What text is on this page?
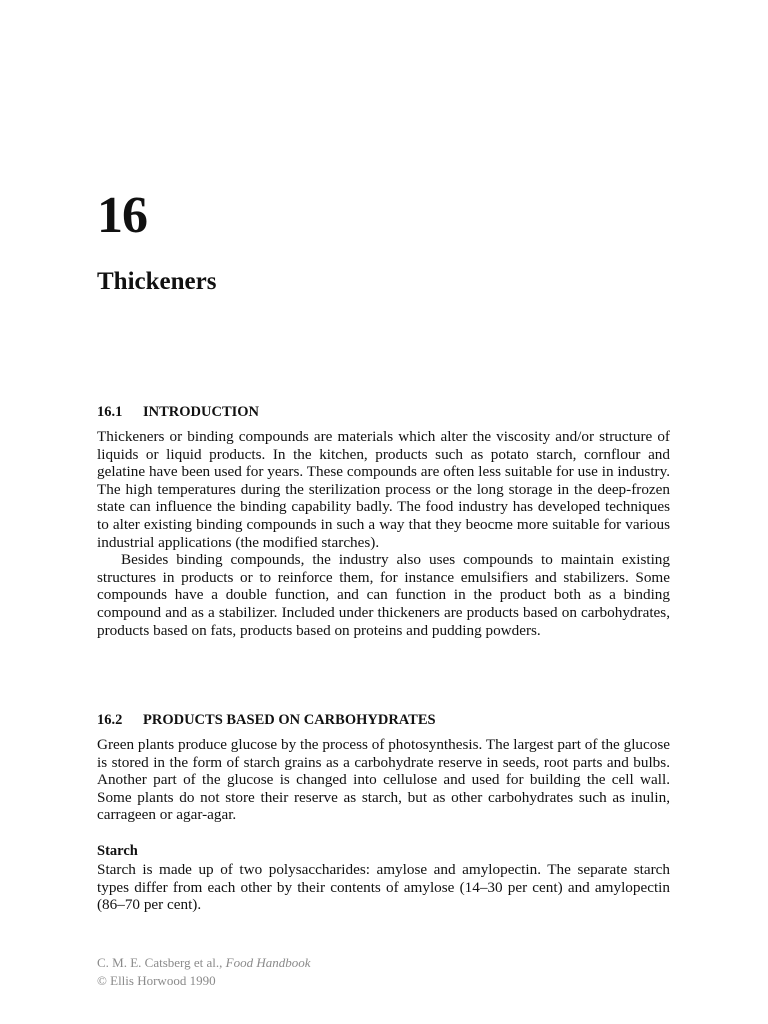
16
Thickeners
16.1 INTRODUCTION

Thickeners or binding compounds are materials which alter the viscosity and/or structure of liquids or liquid products. In the kitchen, products such as potato starch, cornflour and gelatine have been used for years. These compounds are often less suitable for use in industry. The high temperatures during the sterilization process or the long storage in the deep-frozen state can influence the binding capability badly. The food industry has developed techniques to alter existing binding compounds in such a way that they beocme more suitable for various industrial applications (the modified starches).

Besides binding compounds, the industry also uses compounds to maintain existing structures in products or to reinforce them, for instance emulsifiers and stabilizers. Some compounds have a double function, and can function in the product both as a binding compound and as a stabilizer. Included under thickeners are products based on carbohydrates, products based on fats, products based on proteins and pudding powders.

16.2 PRODUCTS BASED ON CARBOHYDRATES

Green plants produce glucose by the process of photosynthesis. The largest part of the glucose is stored in the form of starch grains as a carbohydrate reserve in seeds, root parts and bulbs. Another part of the glucose is changed into cellulose and used for building the cell wall. Some plants do not store their reserve as starch, but as other carbohydrates such as inulin, carrageen or agar-agar.

Starch

Starch is made up of two polysaccharides: amylose and amylopectin. The separate starch types differ from each other by their contents of amylose (14–30 per cent) and amylopectin (86–70 per cent).

C. M. E. Catsberg et al., Food Handbook
© Ellis Horwood 1990
